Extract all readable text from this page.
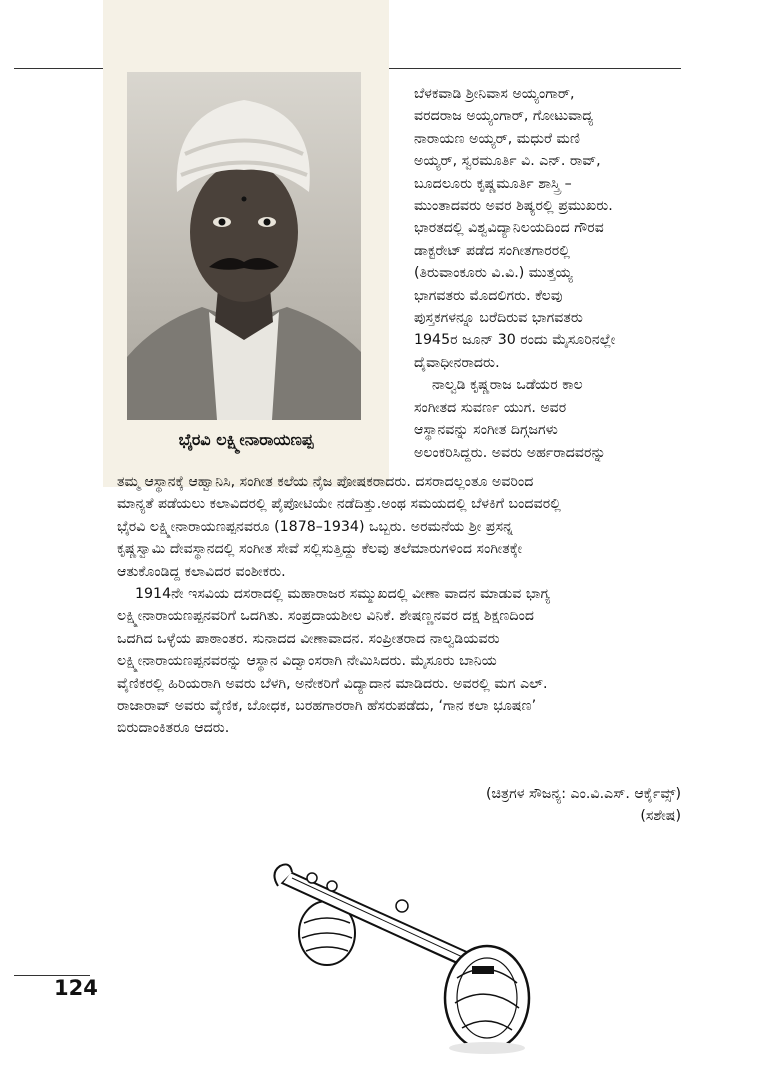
ಭೈರವಿ ಲಕ್ಷ್ಮೀನಾರಾಯಣಪ್ಪ
ಬೆಳಕವಾಡಿ ಶ್ರೀನಿವಾಸ ಅಯ್ಯಂಗಾರ್,
ವರದರಾಜ ಅಯ್ಯಂಗಾರ್, ಗೋಟುವಾದ್ಯ
ನಾರಾಯಣ ಅಯ್ಯರ್, ಮಧುರೆ ಮಣಿ
ಅಯ್ಯರ್, ಸ್ವರಮೂರ್ತಿ ವಿ. ಎನ್. ರಾವ್,
ಬೂದಲೂರು ಕೃಷ್ಣಮೂರ್ತಿ ಶಾಸ್ತ್ರಿ –
ಮುಂತಾದವರು ಅವರ ಶಿಷ್ಯರಲ್ಲಿ ಪ್ರಮುಖರು.
ಭಾರತದಲ್ಲಿ ವಿಶ್ವವಿದ್ಯಾನಿಲಯದಿಂದ ಗೌರವ
ಡಾಕ್ಟರೇಟ್ ಪಡೆದ ಸಂಗೀತಗಾರರಲ್ಲಿ
(ತಿರುವಾಂಕೂರು ವಿ.ವಿ.) ಮುತ್ತಯ್ಯ
ಭಾಗವತರು ಮೊದಲಿಗರು. ಕೆಲವು
ಪುಸ್ತಕಗಳನ್ನೂ ಬರೆದಿರುವ ಭಾಗವತರು
1945ರ ಜೂನ್ 30 ರಂದು ಮೈಸೂರಿನಲ್ಲೇ
ದೈವಾಧೀನರಾದರು.
ನಾಲ್ವಡಿ ಕೃಷ್ಣರಾಜ ಒಡೆಯರ ಕಾಲ
ಸಂಗೀತದ ಸುವರ್ಣ ಯುಗ. ಅವರ
ಆಸ್ಥಾನವನ್ನು ಸಂಗೀತ ದಿಗ್ಗಜಗಳು
ಅಲಂಕರಿಸಿದ್ದರು. ಅವರು ಅರ್ಹರಾದವರನ್ನು
ತಮ್ಮ ಆಸ್ಥಾನಕ್ಕೆ ಆಹ್ವಾನಿಸಿ, ಸಂಗೀತ ಕಲೆಯ ನೈಜ ಪೋಷಕರಾದರು. ದಸರಾದಲ್ಲಂತೂ ಅವರಿಂದ
ಮಾನ್ಯತೆ ಪಡೆಯಲು ಕಲಾವಿದರಲ್ಲಿ ಪೈಪೋಟಿಯೇ ನಡೆದಿತ್ತು.ಅಂಥ ಸಮಯದಲ್ಲಿ ಬೆಳಕಿಗೆ ಬಂದವರಲ್ಲಿ
ಭೈರವಿ ಲಕ್ಷ್ಮೀನಾರಾಯಣಪ್ಪನವರೂ (1878–1934) ಒಬ್ಬರು. ಅರಮನೆಯ ಶ್ರೀ ಪ್ರಸನ್ನ
ಕೃಷ್ಣಸ್ವಾಮಿ ದೇವಸ್ಥಾನದಲ್ಲಿ ಸಂಗೀತ ಸೇವೆ ಸಲ್ಲಿಸುತ್ತಿದ್ದು ಕೆಲವು ತಲೆಮಾರುಗಳಿಂದ ಸಂಗೀತಕ್ಕೇ
ಆತುಕೊಂಡಿದ್ದ ಕಲಾವಿದರ ವಂಶೀಕರು.
1914ನೇ ಇಸವಿಯ ದಸರಾದಲ್ಲಿ ಮಹಾರಾಜರ ಸಮ್ಮುಖದಲ್ಲಿ ವೀಣಾ ವಾದನ ಮಾಡುವ ಭಾಗ್ಯ
ಲಕ್ಷ್ಮೀನಾರಾಯಣಪ್ಪನವರಿಗೆ ಒದಗಿತು. ಸಂಪ್ರದಾಯಶೀಲ ವಿನಿಕೆ. ಶೇಷಣ್ಣನವರ ದಕ್ಷ ಶಿಕ್ಷಣದಿಂದ
ಒದಗಿದ ಒಳ್ಳೆಯ ಪಾಠಾಂತರ. ಸುನಾದದ ವೀಣಾವಾದನ. ಸಂಪ್ರೀತರಾದ ನಾಲ್ವಡಿಯವರು
ಲಕ್ಷ್ಮೀನಾರಾಯಣಪ್ಪನವರನ್ನು ಆಸ್ಥಾನ ವಿದ್ವಾಂಸರಾಗಿ ನೇಮಿಸಿದರು. ಮೈಸೂರು ಬಾನಿಯ
ವೈಣಿಕರಲ್ಲಿ ಹಿರಿಯರಾಗಿ ಅವರು ಬೆಳಗಿ, ಅನೇಕರಿಗೆ ವಿದ್ಯಾದಾನ ಮಾಡಿದರು. ಅವರಲ್ಲಿ ಮಗ ಎಲ್.
ರಾಜಾರಾವ್ ಅವರು ವೈಣಿಕ, ಬೋಧಕ, ಬರಹಗಾರರಾಗಿ ಹೆಸರುಪಡೆದು, ‘ಗಾನ ಕಲಾ ಭೂಷಣ’
ಬಿರುದಾಂಕಿತರೂ ಆದರು.
(ಚಿತ್ರಗಳ ಸೌಜನ್ಯ: ಎಂ.ವಿ.ಎಸ್. ಆರ್ಕೈವ್ಸ್)
(ಸಶೇಷ)
124
